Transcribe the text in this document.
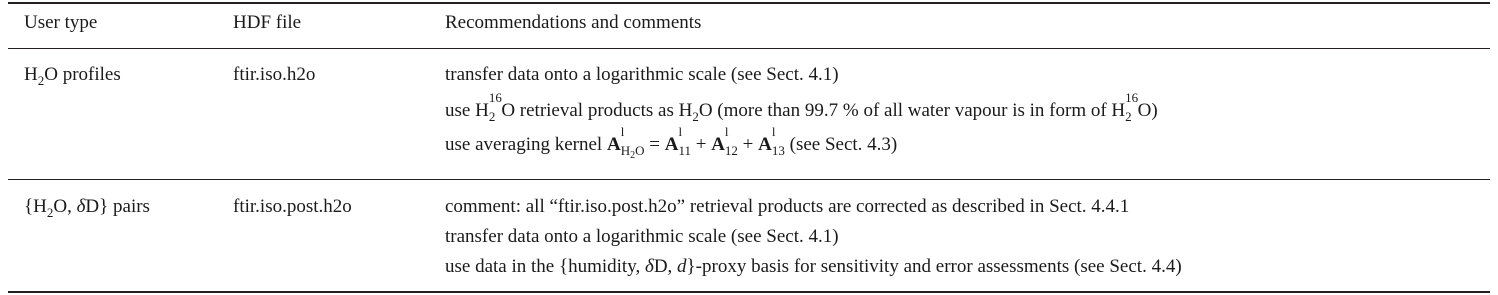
User type	HDF file	Recommendations and comments
$H_2O$ profiles	ftir.iso.h2o	transfer data onto a logarithmic scale (see Sect. 4.1)
use H
16
$_2$ O retrieval products as $H_2O$ (more than 99.7 % of all water vapour is in form of H
16
$_2$ O)
use averaging kernel A
l
$_{H_2O}$ = A
l
$_{11}$ + A
l
$_{12}$ + A
l
$_{13}$ (see Sect. 4.3)
{$H_2O$, δD} pairs	ftir.iso.post.h2o	comment: all “ftir.iso.post.h2o” retrieval products are corrected as described in Sect. 4.4.1
transfer data onto a logarithmic scale (see Sect. 4.1)
use data in the {humidity, δD, d}-proxy basis for sensitivity and error assessments (see Sect. 4.4)
